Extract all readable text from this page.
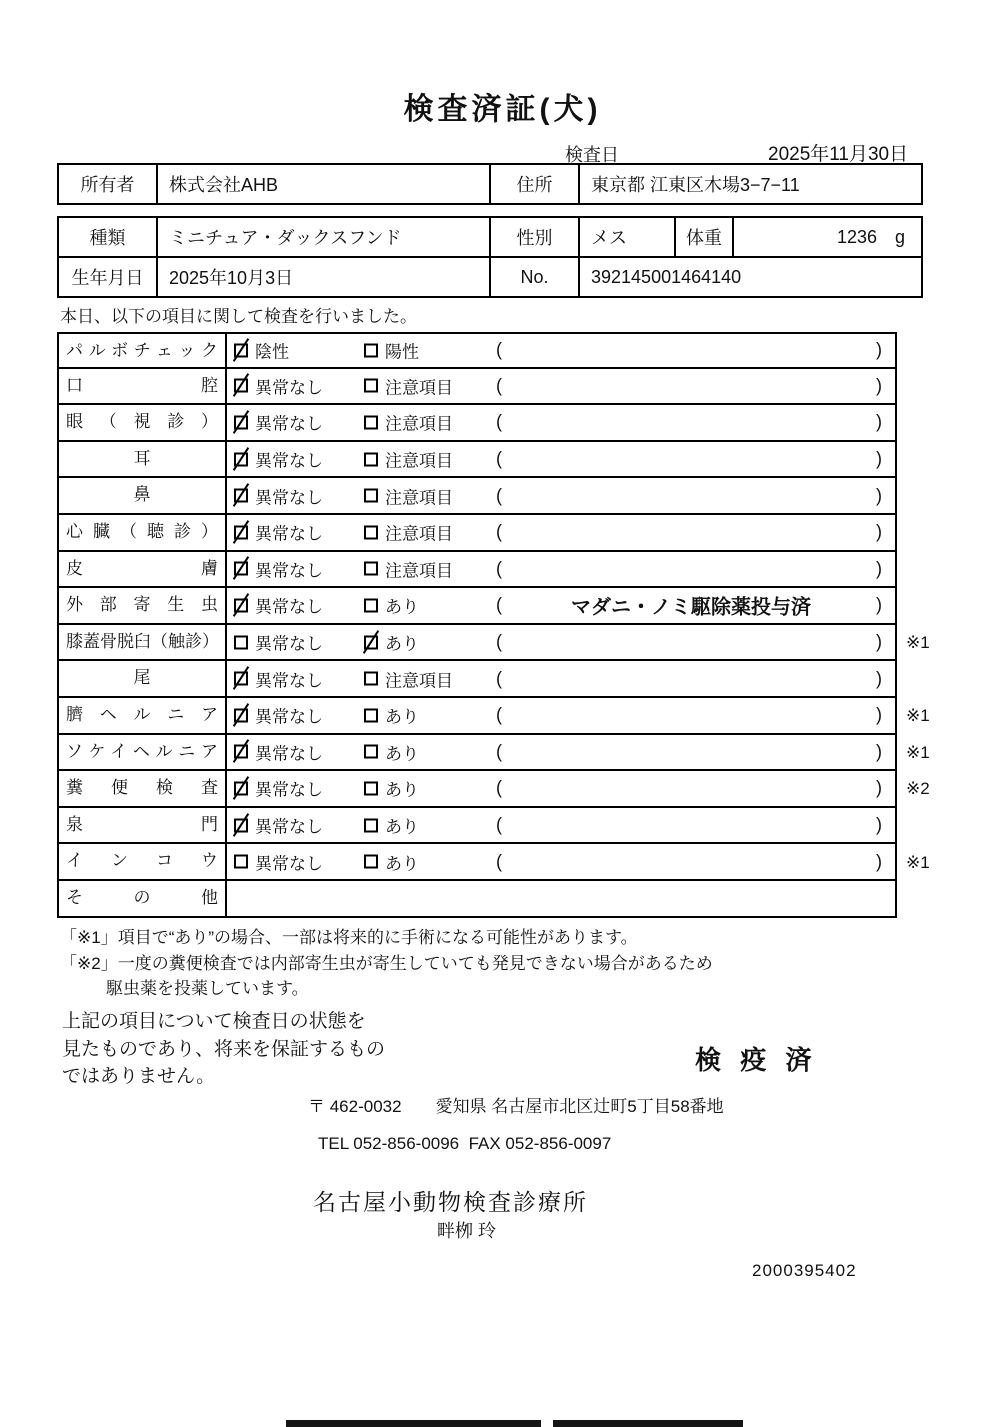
検査済証(犬)
検査日	2025年11月30日
所有者	株式会社AHB	住所	東京都 江東区木場3−7−11
種類	ミニチュア・ダックスフンド	性別	メス	体重	1236 g
生年月日	2025年10月3日	No.	392145001464140
本日、以下の項目に関して検査を行いました。
パルボチェック	陰性	陽性	(	)
口 腔	異常なし	注意項目 (	)
眼 （ 視 診 ）	異常なし	注意項目 (	)
耳	異常なし	注意項目 (	)
鼻	異常なし	注意項目 (	)
心 臓 （ 聴 診 ）	異常なし	注意項目 (	)
皮 膚	異常なし	注意項目 (	)
外 部 寄 生 虫	異常なし	あり	(	マダニ・ノミ駆除薬投与済	)
膝蓋骨脱臼（触診）	異常なし	あり	(	)	※1
尾	異常なし	注意項目 (	)
臍 ヘ ル ニ ア	異常なし	あり	(	)	※1
ソケイヘルニア	異常なし	あり	(	)	※1
糞 便 検 査	異常なし	あり	(	)	※2
泉 門	異常なし	あり	(	)
イ ン コ ウ	異常なし	あり	(	)	※1
そ の 他
「※1」項目で“あり”の場合、一部は将来的に手術になる可能性があります。
「※2」一度の糞便検査では内部寄生虫が寄生していても発見できない場合があるため
駆虫薬を投薬しています。
上記の項目について検査日の状態を
見たものであり、将来を保証するもの
ではありません。
検 疫 済
〒 462-0032　　愛知県 名古屋市北区辻町5丁目58番地
TEL 052-856-0096  FAX 052-856-0097
名古屋小動物検査診療所
畔栁 玲
2000395402
